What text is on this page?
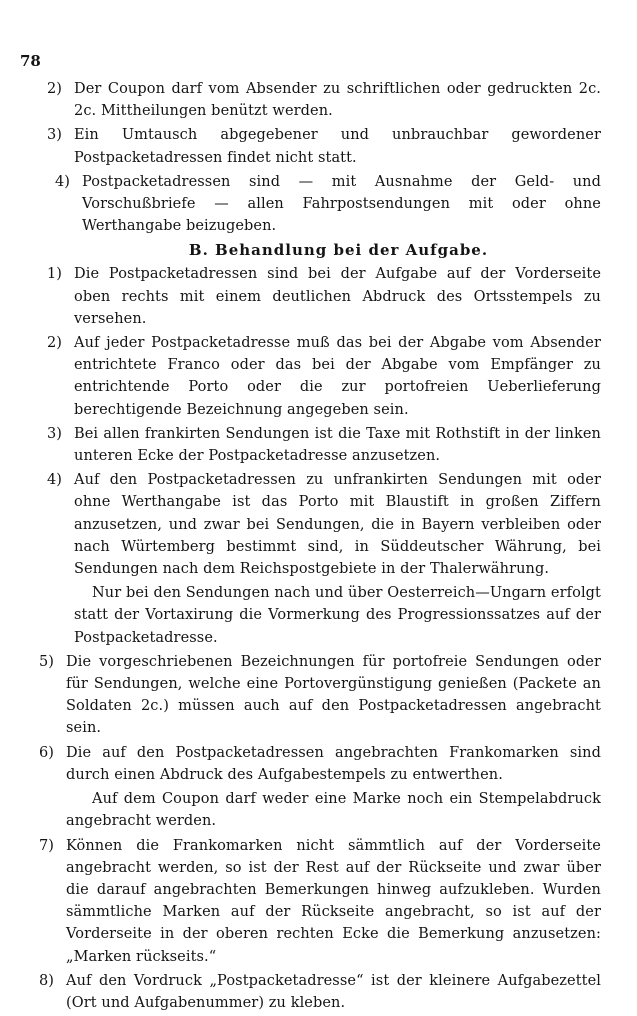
78
2) Der Coupon darf vom Absender zu schriftlichen oder gedruckten 2c. 2c. Mittheilungen benützt werden.
3) Ein Umtausch abgegebener und unbrauchbar gewordener Postpacketadressen findet nicht statt.
4) Postpacketadressen sind — mit Ausnahme der Geld- und Vorschußbriefe — allen Fahrpostsendungen mit oder ohne Werthangabe beizugeben.
B. Behandlung bei der Aufgabe.
1) Die Postpacketadressen sind bei der Aufgabe auf der Vorderseite oben rechts mit einem deutlichen Abdruck des Ortsstempels zu versehen.
2) Auf jeder Postpacketadresse muß das bei der Abgabe vom Absender entrichtete Franco oder das bei der Abgabe vom Empfänger zu entrichtende Porto oder die zur portofreien Ueberlieferung berechtigende Bezeichnung angegeben sein.
3) Bei allen frankirten Sendungen ist die Taxe mit Rothstift in der linken unteren Ecke der Postpacketadresse anzusetzen.
4) Auf den Postpacketadressen zu unfrankirten Sendungen mit oder ohne Werthangabe ist das Porto mit Blaustift in großen Ziffern anzusetzen, und zwar bei Sendungen, die in Bayern verbleiben oder nach Würtemberg bestimmt sind, in Süddeutscher Währung, bei Sendungen nach dem Reichspostgebiete in der Thalerwährung.
Nur bei den Sendungen nach und über Oesterreich—Ungarn erfolgt statt der Vortaxirung die Vormerkung des Progressionssatzes auf der Postpacketadresse.
5) Die vorgeschriebenen Bezeichnungen für portofreie Sendungen oder für Sendungen, welche eine Portovergünstigung genießen (Packete an Soldaten 2c.) müssen auch auf den Postpacketadressen angebracht sein.
6) Die auf den Postpacketadressen angebrachten Frankomarken sind durch einen Abdruck des Aufgabestempels zu entwerthen.
Auf dem Coupon darf weder eine Marke noch ein Stempelabdruck angebracht werden.
7) Können die Frankomarken nicht sämmtlich auf der Vorderseite angebracht werden, so ist der Rest auf der Rückseite und zwar über die darauf angebrachten Bemerkungen hinweg aufzukleben. Wurden sämmtliche Marken auf der Rückseite angebracht, so ist auf der Vorderseite in der oberen rechten Ecke die Bemerkung anzusetzen: „Marken rückseits.“
8) Auf den Vordruck „Postpacketadresse“ ist der kleinere Aufgabezettel (Ort und Aufgabenummer) zu kleben.
